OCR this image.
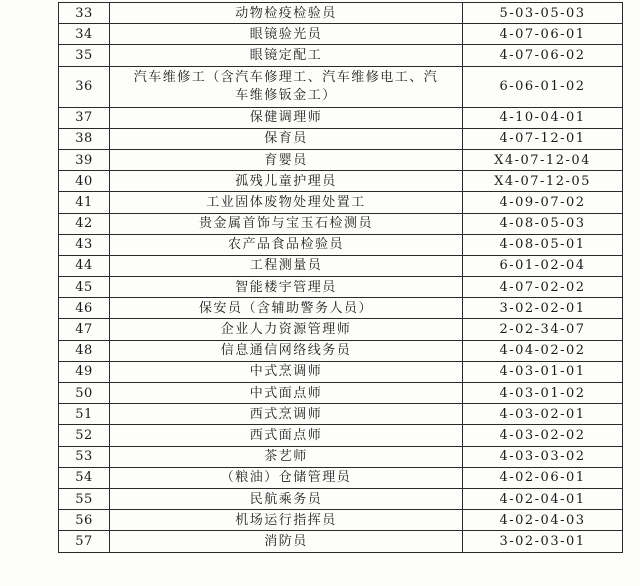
33	动物检疫检验员	5-03-05-03
34	眼镜验光员	4-07-06-01
35	眼镜定配工	4-07-06-02
36	汽车维修工（含汽车修理工、汽车维修电工、汽车维修钣金工）	6-06-01-02
37	保健调理师	4-10-04-01
38	保育员	4-07-12-01
39	育婴员	X4-07-12-04
40	孤残儿童护理员	X4-07-12-05
41	工业固体废物处理处置工	4-09-07-02
42	贵金属首饰与宝玉石检测员	4-08-05-03
43	农产品食品检验员	4-08-05-01
44	工程测量员	6-01-02-04
45	智能楼宇管理员	4-07-02-02
46	保安员（含辅助警务人员）	3-02-02-01
47	企业人力资源管理师	2-02-34-07
48	信息通信网络线务员	4-04-02-02
49	中式烹调师	4-03-01-01
50	中式面点师	4-03-01-02
51	西式烹调师	4-03-02-01
52	西式面点师	4-03-02-02
53	茶艺师	4-03-03-02
54	（粮油）仓储管理员	4-02-06-01
55	民航乘务员	4-02-04-01
56	机场运行指挥员	4-02-04-03
57	消防员	3-02-03-01
